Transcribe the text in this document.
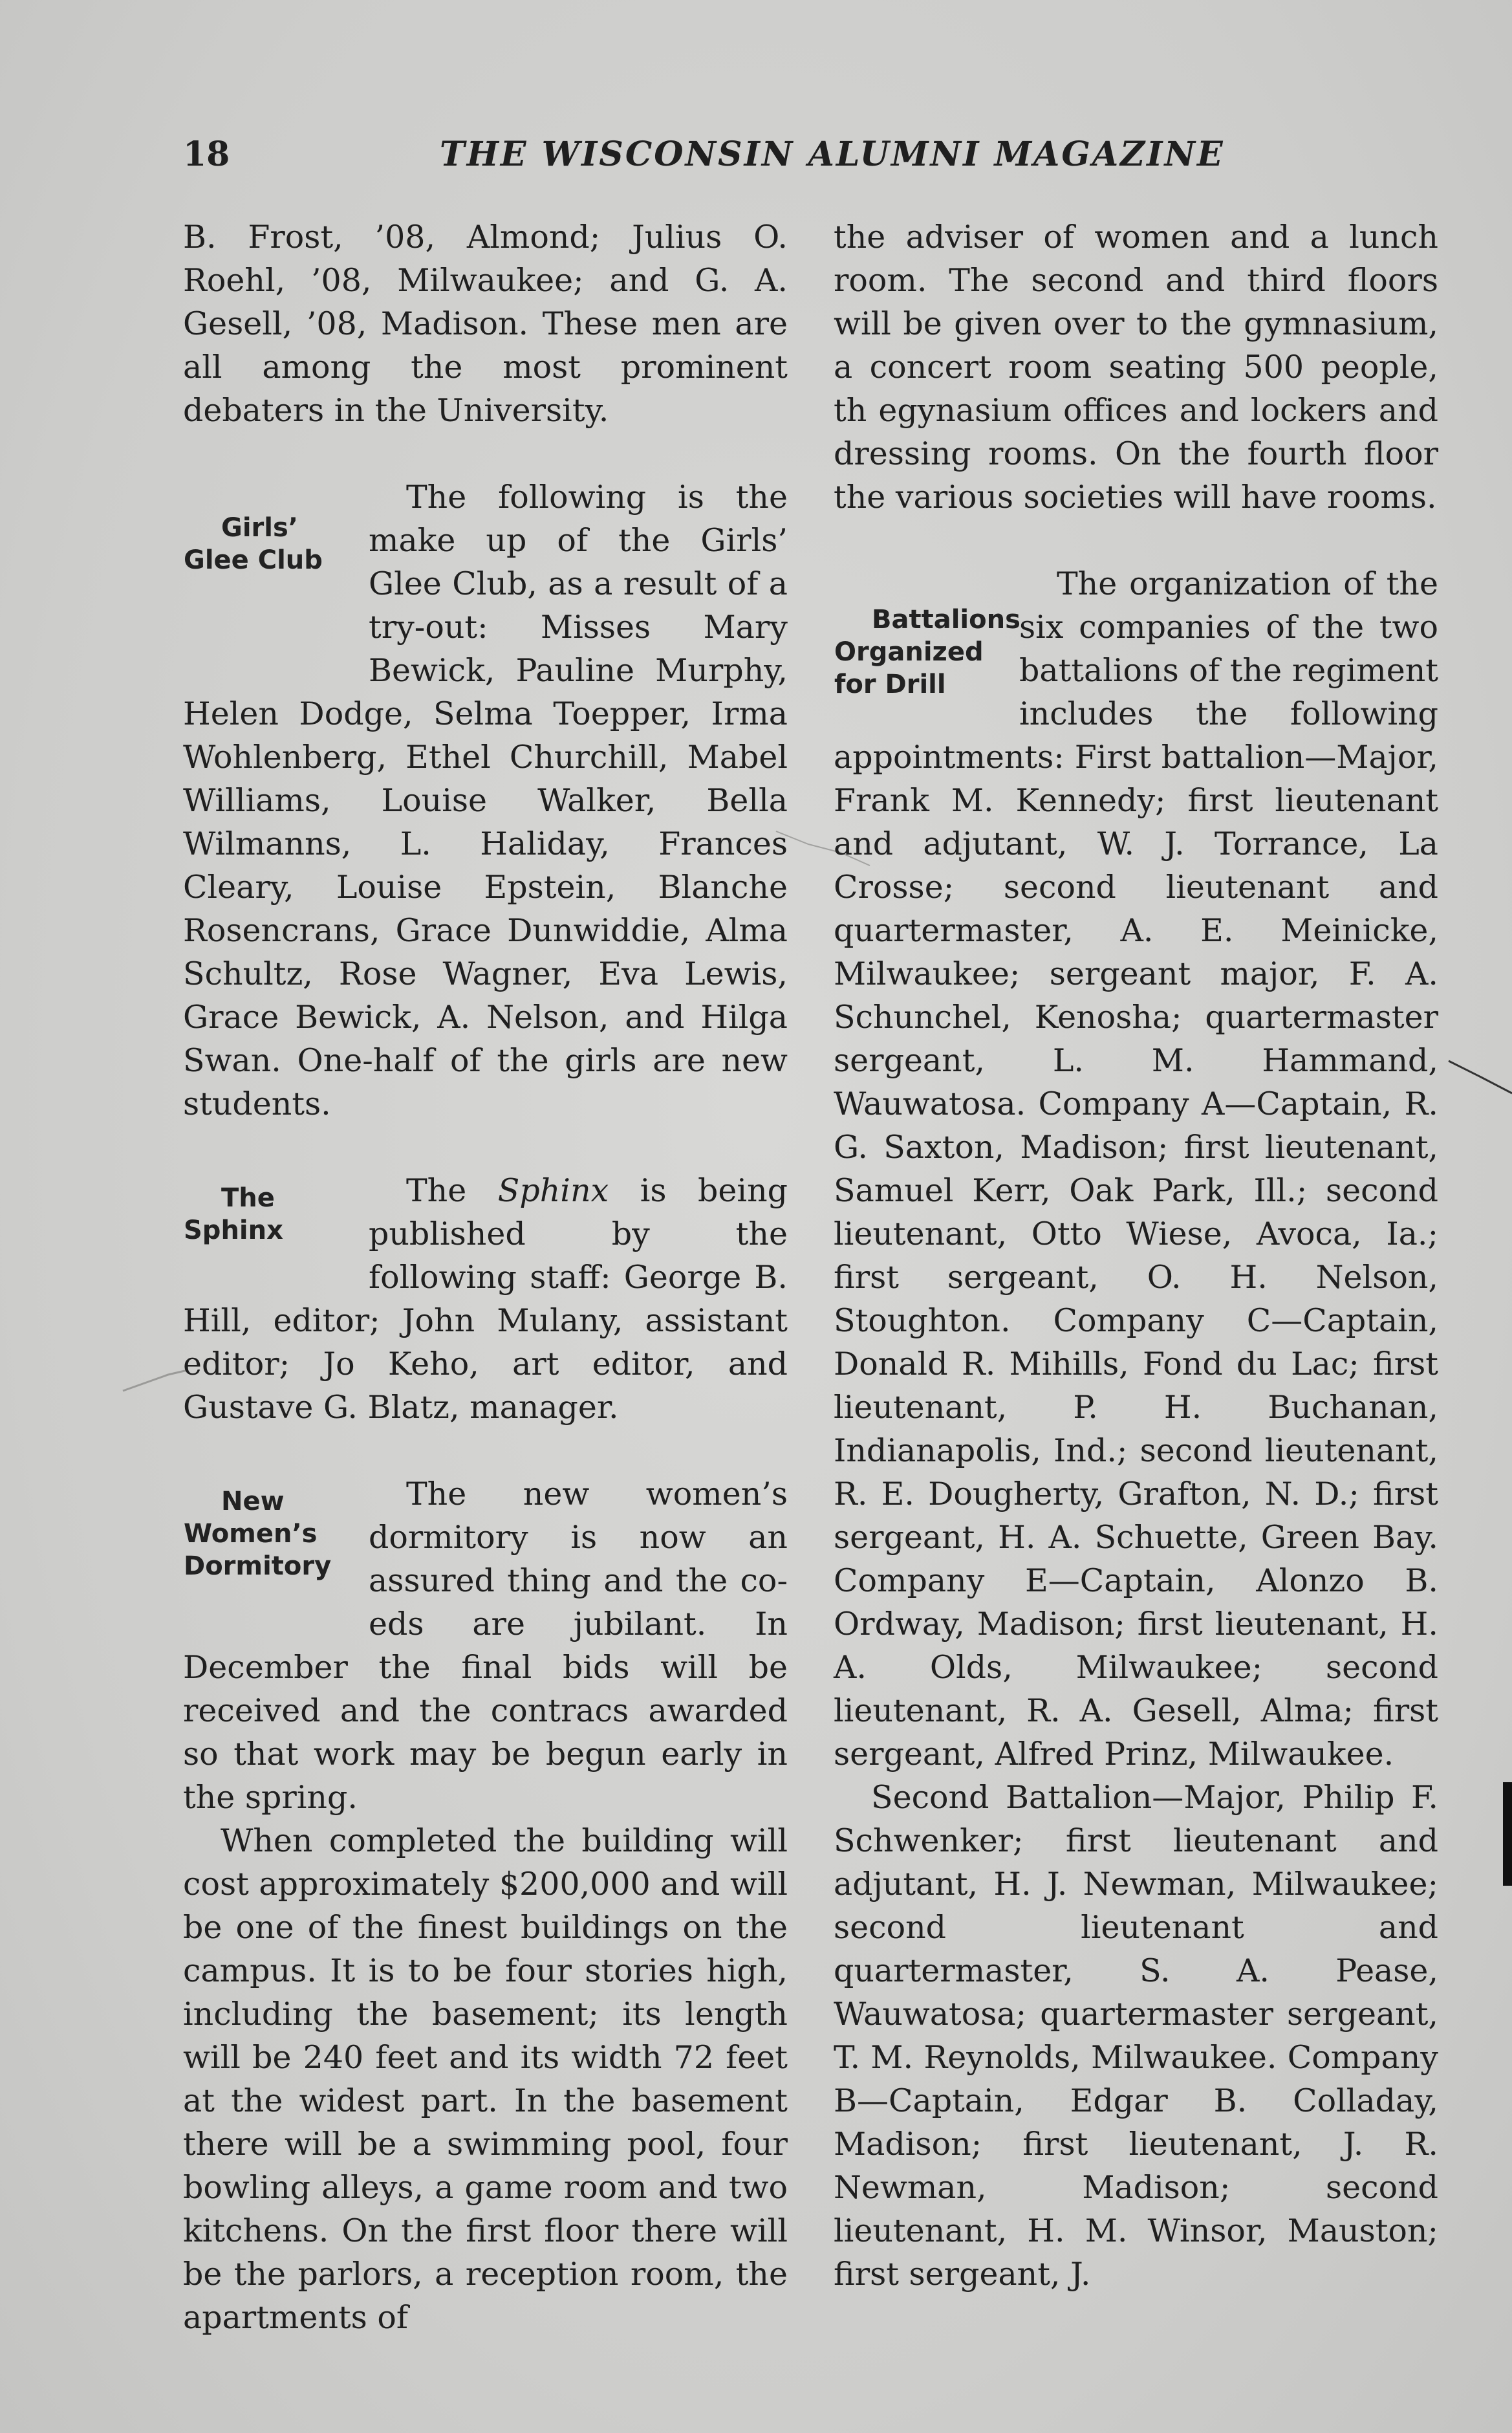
18	THE WISCONSIN ALUMNI MAGAZINE

B. Frost, ’08, Almond; Julius O. Roehl, ’08, Milwaukee; and G. A. Gesell, ’08, Madison. These men are all among the most prominent debaters in the University.

Girls’ Glee Club
The following is the make up of the Girls’ Glee Club, as a result of a try-out: Misses Mary Bewick, Pauline Murphy, Helen Dodge, Selma Toepper, Irma Wohlenberg, Ethel Churchill, Mabel Williams, Louise Walker, Bella Wilmanns, L. Haliday, Frances Cleary, Louise Epstein, Blanche Rosencrans, Grace Dunwiddie, Alma Schultz, Rose Wagner, Eva Lewis, Grace Bewick, A. Nelson, and Hilga Swan. One-half of the girls are new students.

The Sphinx
The Sphinx is being published by the following staff: George B. Hill, editor; John Mulany, assistant editor; Jo Keho, art editor, and Gustave G. Blatz, manager.

New Women’s Dormitory
The new women’s dormitory is now an assured thing and the co-eds are jubilant. In December the final bids will be received and the contracs awarded so that work may be begun early in the spring.

When completed the building will cost approximately $200,000 and will be one of the finest buildings on the campus. It is to be four stories high, including the basement; its length will be 240 feet and its width 72 feet at the widest part. In the basement there will be a swimming pool, four bowling alleys, a game room and two kitchens. On the first floor there will be the parlors, a reception room, the apartments of

the adviser of women and a lunch room. The second and third floors will be given over to the gymnasium, a concert room seating 500 people, th egynasium offices and lockers and dressing rooms. On the fourth floor the various societies will have rooms.

Battalions Organized for Drill
The organization of the six companies of the two battalions of the regiment includes the following appointments: First battalion—Major, Frank M. Kennedy; first lieutenant and adjutant, W. J. Torrance, La Crosse; second lieutenant and quartermaster, A. E. Meinicke, Milwaukee; sergeant major, F. A. Schunchel, Kenosha; quartermaster sergeant, L. M. Hammand, Wauwatosa. Company A—Captain, R. G. Saxton, Madison; first lieutenant, Samuel Kerr, Oak Park, Ill.; second lieutenant, Otto Wiese, Avoca, Ia.; first sergeant, O. H. Nelson, Stoughton. Company C—Captain, Donald R. Mihills, Fond du Lac; first lieutenant, P. H. Buchanan, Indianapolis, Ind.; second lieutenant, R. E. Dougherty, Grafton, N. D.; first sergeant, H. A. Schuette, Green Bay. Company E—Captain, Alonzo B. Ordway, Madison; first lieutenant, H. A. Olds, Milwaukee; second lieutenant, R. A. Gesell, Alma; first sergeant, Alfred Prinz, Milwaukee.

Second Battalion—Major, Philip F. Schwenker; first lieutenant and adjutant, H. J. Newman, Milwaukee; second lieutenant and quartermaster, S. A. Pease, Wauwatosa; quartermaster sergeant, T. M. Reynolds, Milwaukee. Company B—Captain, Edgar B. Colladay, Madison; first lieutenant, J. R. Newman, Madison; second lieutenant, H. M. Winsor, Mauston; first sergeant, J.
